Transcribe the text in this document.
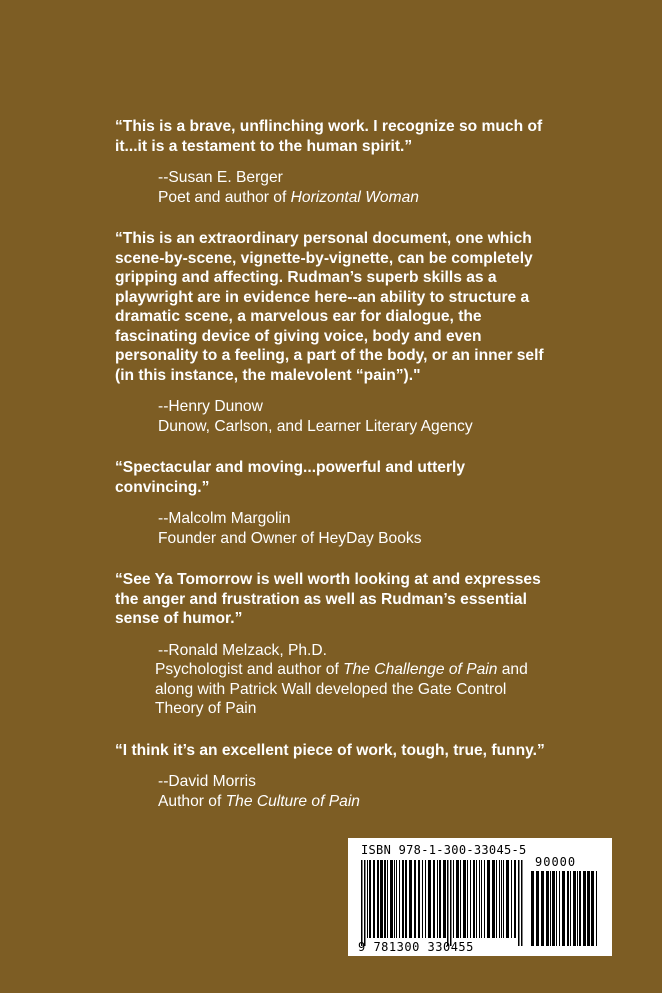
“This is a brave, unflinching work. I recognize so much of it...it is a testament to the human spirit.”

--Susan E. Berger
Poet and author of Horizontal Woman

“This is an extraordinary personal document, one which scene-by-scene, vignette-by-vignette, can be completely gripping and affecting. Rudman’s superb skills as a playwright are in evidence here--an ability to structure a dramatic scene, a marvelous ear for dialogue, the fascinating device of giving voice, body and even personality to a feeling, a part of the body, or an inner self (in this instance, the malevolent “pain”)."

--Henry Dunow
Dunow, Carlson, and Learner Literary Agency

“Spectacular and moving...powerful and utterly convincing.”

--Malcolm Margolin
Founder and Owner of HeyDay Books

“See Ya Tomorrow is well worth looking at and expresses the anger and frustration as well as Rudman’s essential sense of humor.”

--Ronald Melzack, Ph.D.
Psychologist and author of The Challenge of Pain and along with Patrick Wall developed the Gate Control Theory of Pain

“I think it’s an excellent piece of work, tough, true, funny.”

--David Morris
Author of The Culture of Pain
ISBN 978-1-300-33045-5
9 781300 330455
90000
